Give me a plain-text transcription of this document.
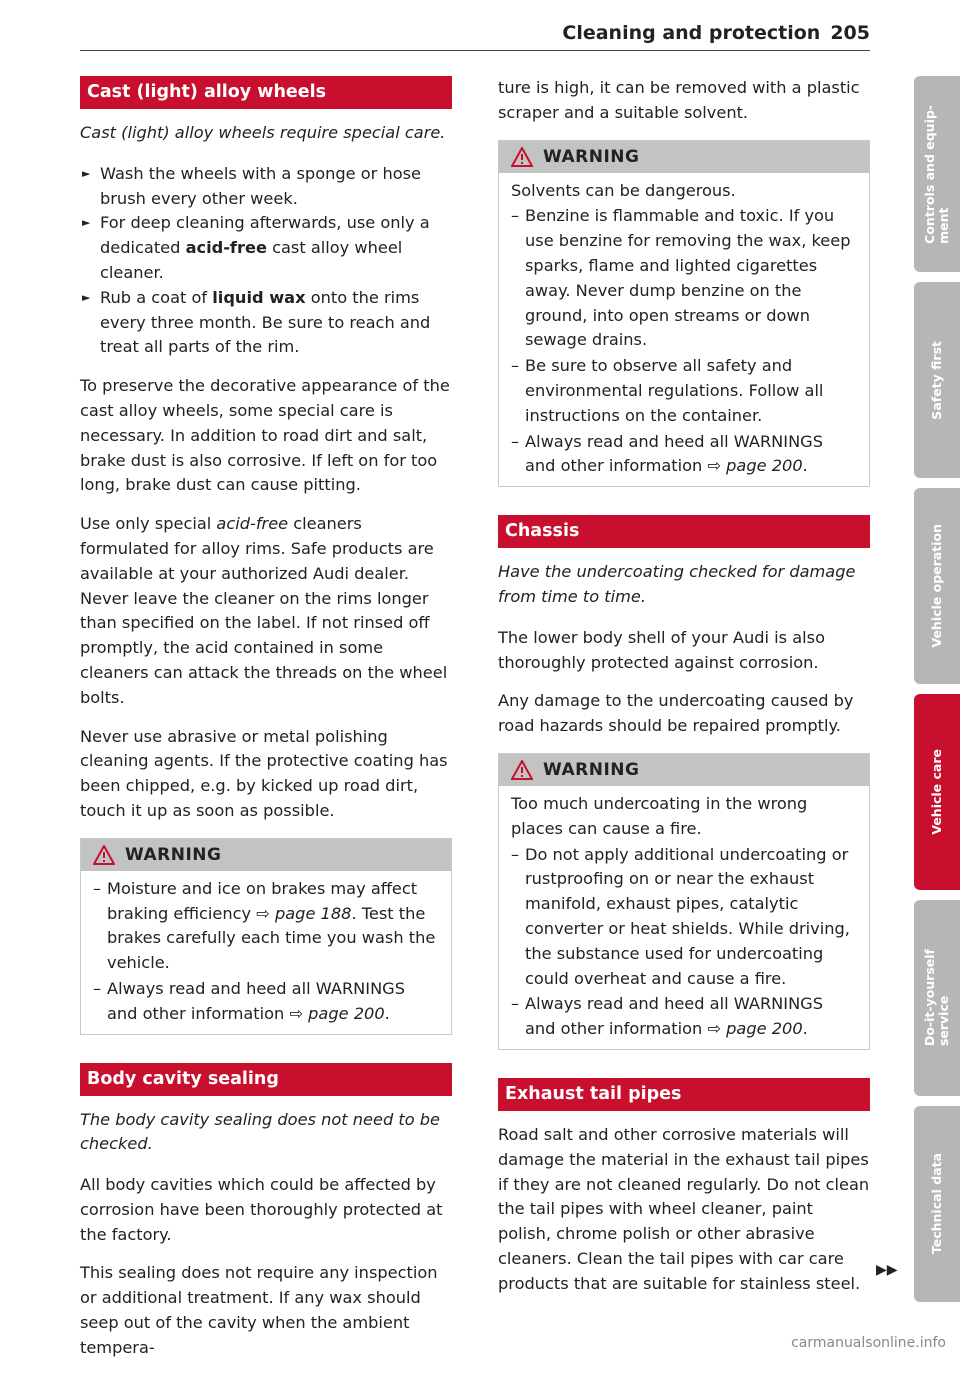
Cleaning and protection 205
Cast (light) alloy wheels

Cast (light) alloy wheels require special care.

► Wash the wheels with a sponge or hose brush every other week.
► For deep cleaning afterwards, use only a dedicated acid-free cast alloy wheel cleaner.
► Rub a coat of liquid wax onto the rims every three month. Be sure to reach and treat all parts of the rim.

To preserve the decorative appearance of the cast alloy wheels, some special care is necessary. In addition to road dirt and salt, brake dust is also corrosive. If left on for too long, brake dust can cause pitting.

Use only special acid-free cleaners formulated for alloy rims. Safe products are available at your authorized Audi dealer. Never leave the cleaner on the rims longer than specified on the label. If not rinsed off promptly, the acid contained in some cleaners can attack the threads on the wheel bolts.

Never use abrasive or metal polishing cleaning agents. If the protective coating has been chipped, e.g. by kicked up road dirt, touch it up as soon as possible.

WARNING
– Moisture and ice on brakes may affect braking efficiency ⇨ page 188. Test the brakes carefully each time you wash the vehicle.
– Always read and heed all WARNINGS and other information ⇨ page 200.
Body cavity sealing

The body cavity sealing does not need to be checked.

All body cavities which could be affected by corrosion have been thoroughly protected at the factory.

This sealing does not require any inspection or additional treatment. If any wax should seep out of the cavity when the ambient tempera-

ture is high, it can be removed with a plastic scraper and a suitable solvent.

WARNING

Solvents can be dangerous.

– Benzine is flammable and toxic. If you use benzine for removing the wax, keep sparks, flame and lighted cigarettes away. Never dump benzine on the ground, into open streams or down sewage drains.
– Be sure to observe all safety and environmental regulations. Follow all instructions on the container.
– Always read and heed all WARNINGS and other information ⇨ page 200.
Chassis

Have the undercoating checked for damage from time to time.

The lower body shell of your Audi is also thoroughly protected against corrosion.

Any damage to the undercoating caused by road hazards should be repaired promptly.

WARNING

Too much undercoating in the wrong places can cause a fire.

– Do not apply additional undercoating or rustproofing on or near the exhaust manifold, exhaust pipes, catalytic converter or heat shields. While driving, the substance used for undercoating could overheat and cause a fire.
– Always read and heed all WARNINGS and other information ⇨ page 200.
Exhaust tail pipes

Road salt and other corrosive materials will damage the material in the exhaust tail pipes if they are not cleaned regularly. Do not clean the tail pipes with wheel cleaner, paint polish, chrome polish or other abrasive cleaners. Clean the tail pipes with car care products that are suitable for stainless steel.

▶▶
Controls and equip-
ment
Safety first
Vehicle operation
Vehicle care
Do-it-yourself
service
Technical data
carmanualsonline.info
